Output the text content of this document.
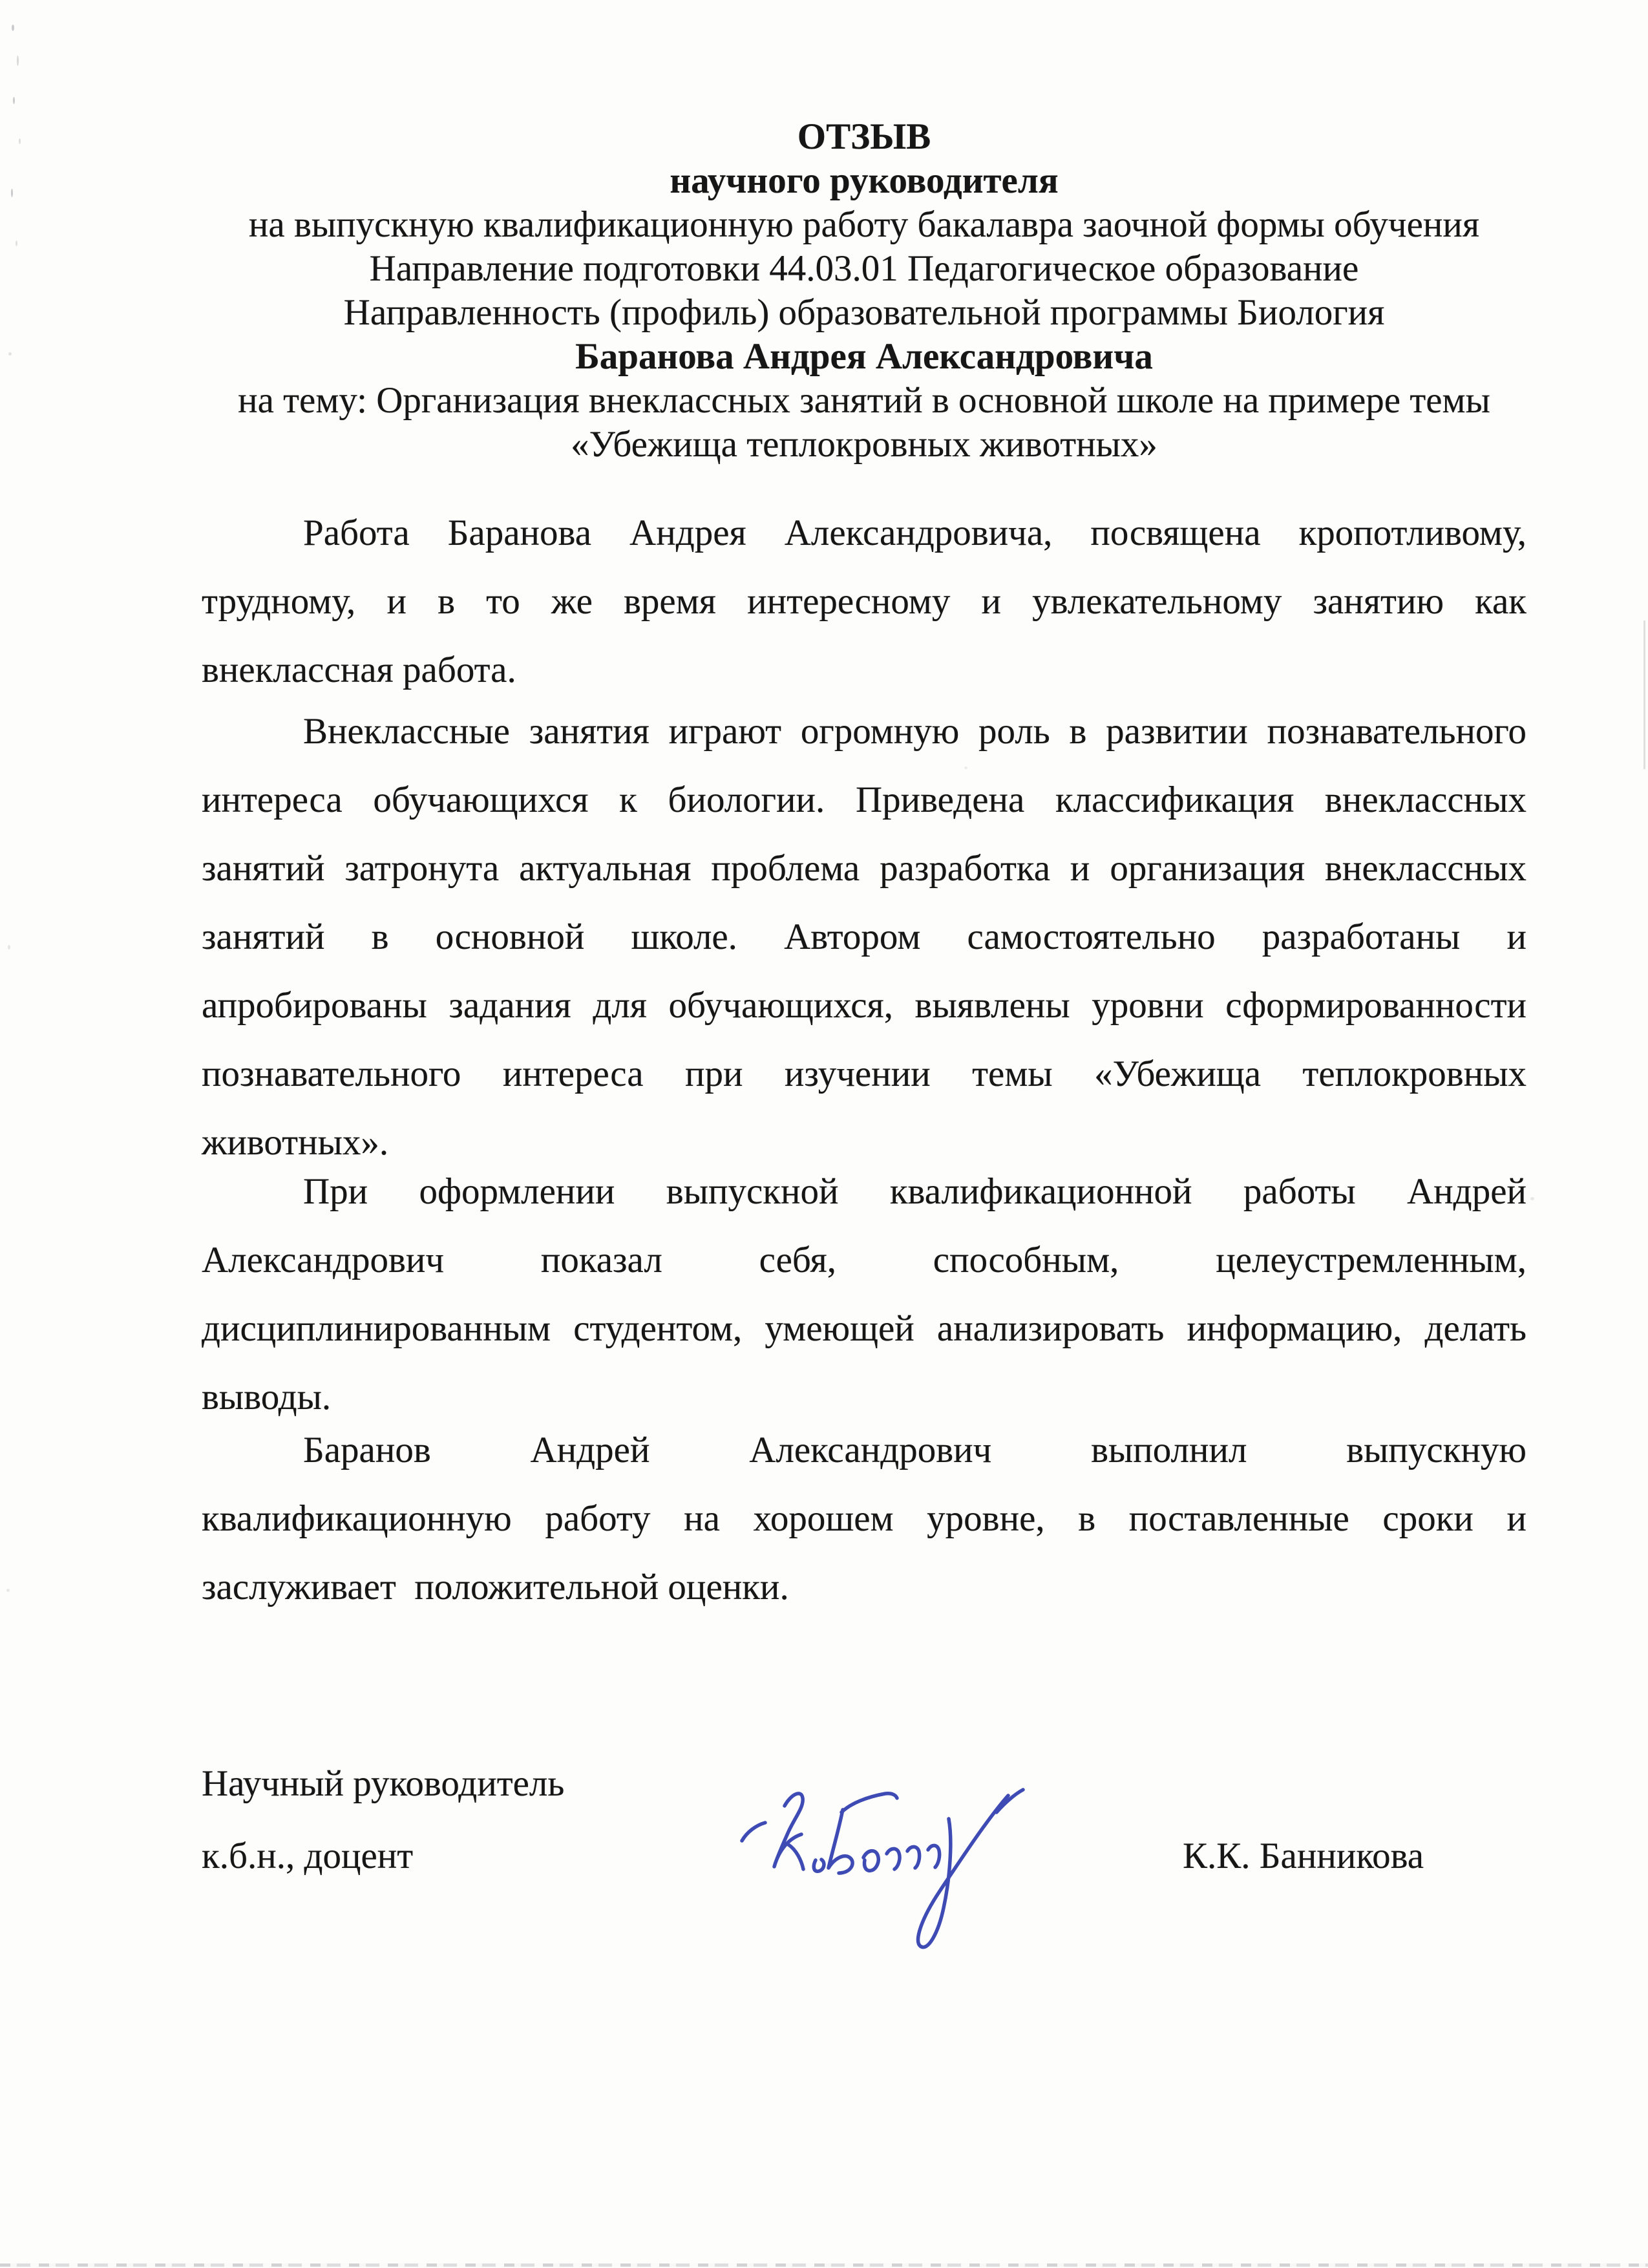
ОТЗЫВ
научного руководителя
на выпускную квалификационную работу бакалавра заочной формы обучения
Направление подготовки 44.03.01 Педагогическое образование
Направленность (профиль) образовательной программы Биология
Баранова Андрея Александровича
на тему: Организация внеклассных занятий в основной школе на примере темы
«Убежища теплокровных животных»
Работа Баранова Андрея Александровича, посвящена кропотливому,
трудному, и в то же время интересному и увлекательному занятию как
внеклассная работа.
Внеклассные занятия играют огромную роль в развитии познавательного
интереса обучающихся к биологии. Приведена классификация внеклассных
занятий затронута актуальная проблема разработка и организация внеклассных
занятий в основной школе. Автором самостоятельно разработаны и
апробированы задания для обучающихся, выявлены уровни сформированности
познавательного интереса при изучении темы «Убежища теплокровных
животных».
При оформлении выпускной квалификационной работы Андрей
Александрович показал себя, способным, целеустремленным,
дисциплинированным студентом, умеющей анализировать информацию, делать
выводы.
Баранов Андрей Александрович выполнил выпускную
квалификационную работу на хорошем уровне, в поставленные сроки и
заслуживает  положительной оценки.
Научный руководитель
к.б.н., доцент	К.К. Банникова
